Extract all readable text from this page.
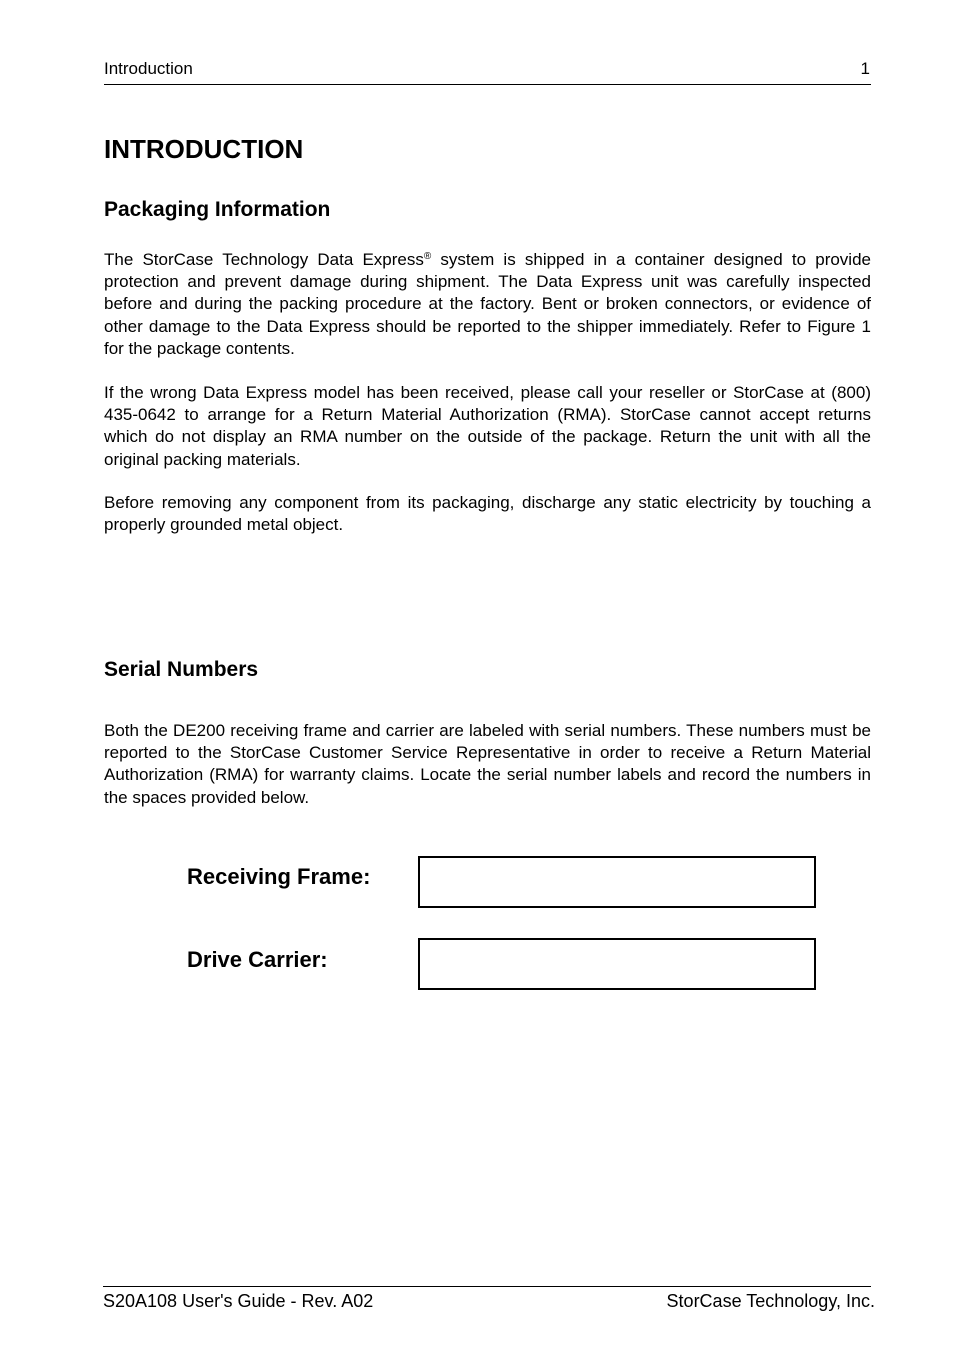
Introduction	1
INTRODUCTION
Packaging Information

The StorCase Technology Data Express® system is shipped in a container designed to provide protection and prevent damage during shipment. The Data Express unit was carefully inspected before and during the packing procedure at the factory. Bent or broken connectors, or evidence of other damage to the Data Express should be reported to the shipper immediately. Refer to Figure 1 for the package contents.

If the wrong Data Express model has been received, please call your reseller or StorCase at (800) 435-0642 to arrange for a Return Material Authorization (RMA). StorCase cannot accept returns which do not display an RMA number on the outside of the package. Return the unit with all the original packing materials.

Before removing any component from its packaging, discharge any static electricity by touching a properly grounded metal object.

Serial Numbers

Both the DE200 receiving frame and carrier are labeled with serial numbers. These numbers must be reported to the StorCase Customer Service Representative in order to receive a Return Material Authorization (RMA) for warranty claims. Locate the serial number labels and record the numbers in the spaces provided below.

Receiving Frame:
Drive Carrier:
S20A108 User's Guide - Rev. A02	StorCase Technology, Inc.
